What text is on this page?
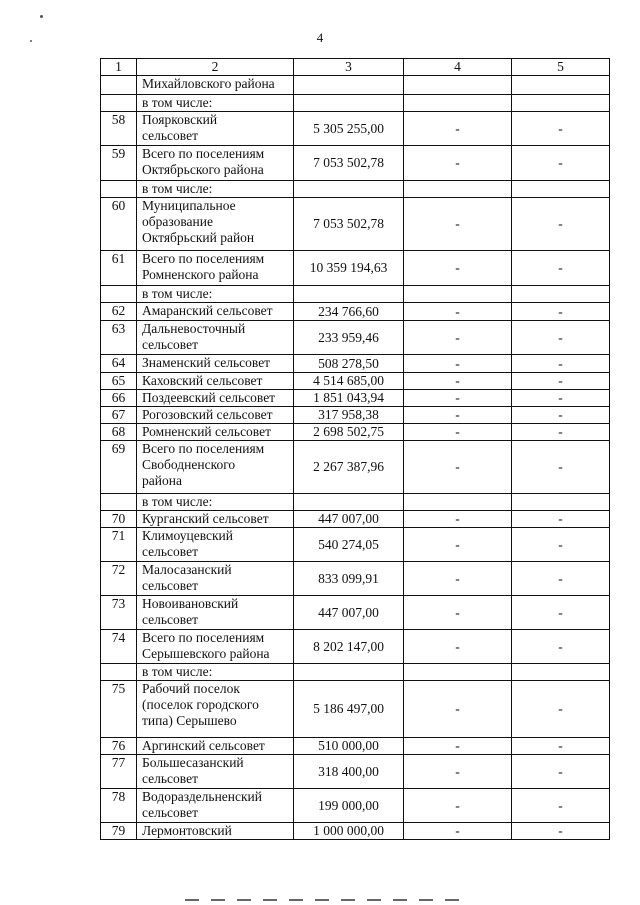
4
1	2	3	4	5

	Михайловского района			

	в том числе:			

58	Поярковский
сельсовет	5 305 255,00	-	-
59	Всего по поселениям
Октябрьского района	7 053 502,78	-	-

	в том числе:			

60	Муниципальное
образование
Октябрьский район	7 053 502,78	-	-
61	Всего по поселениям
Ромненского района	10 359 194,63	-	-

	в том числе:			

62	Амаранский сельсовет	234 766,60	-	-
63	Дальневосточный
сельсовет	233 959,46	-	-
64	Знаменский сельсовет	508 278,50	-	-
65	Каховский сельсовет	4 514 685,00	-	-
66	Поздеевский сельсовет	1 851 043,94	-	-
67	Рогозовский сельсовет	317 958,38	-	-
68	Ромненский сельсовет	2 698 502,75	-	-
69	Всего по поселениям
Свободненского
района	2 267 387,96	-	-

	в том числе:			

70	Курганский сельсовет	447 007,00	-	-
71	Климоуцевский
сельсовет	540 274,05	-	-
72	Малосазанский
сельсовет	833 099,91	-	-
73	Новоивановский
сельсовет	447 007,00	-	-
74	Всего по поселениям
Серышевского района	8 202 147,00	-	-

	в том числе:			

75	Рабочий поселок
(поселок городского
типа) Серышево	5 186 497,00	-	-
76	Аргинский сельсовет	510 000,00	-	-
77	Большесазанский
сельсовет	318 400,00	-	-
78	Водораздельненский
сельсовет	199 000,00	-	-
79	Лермонтовский	1 000 000,00	-	-
